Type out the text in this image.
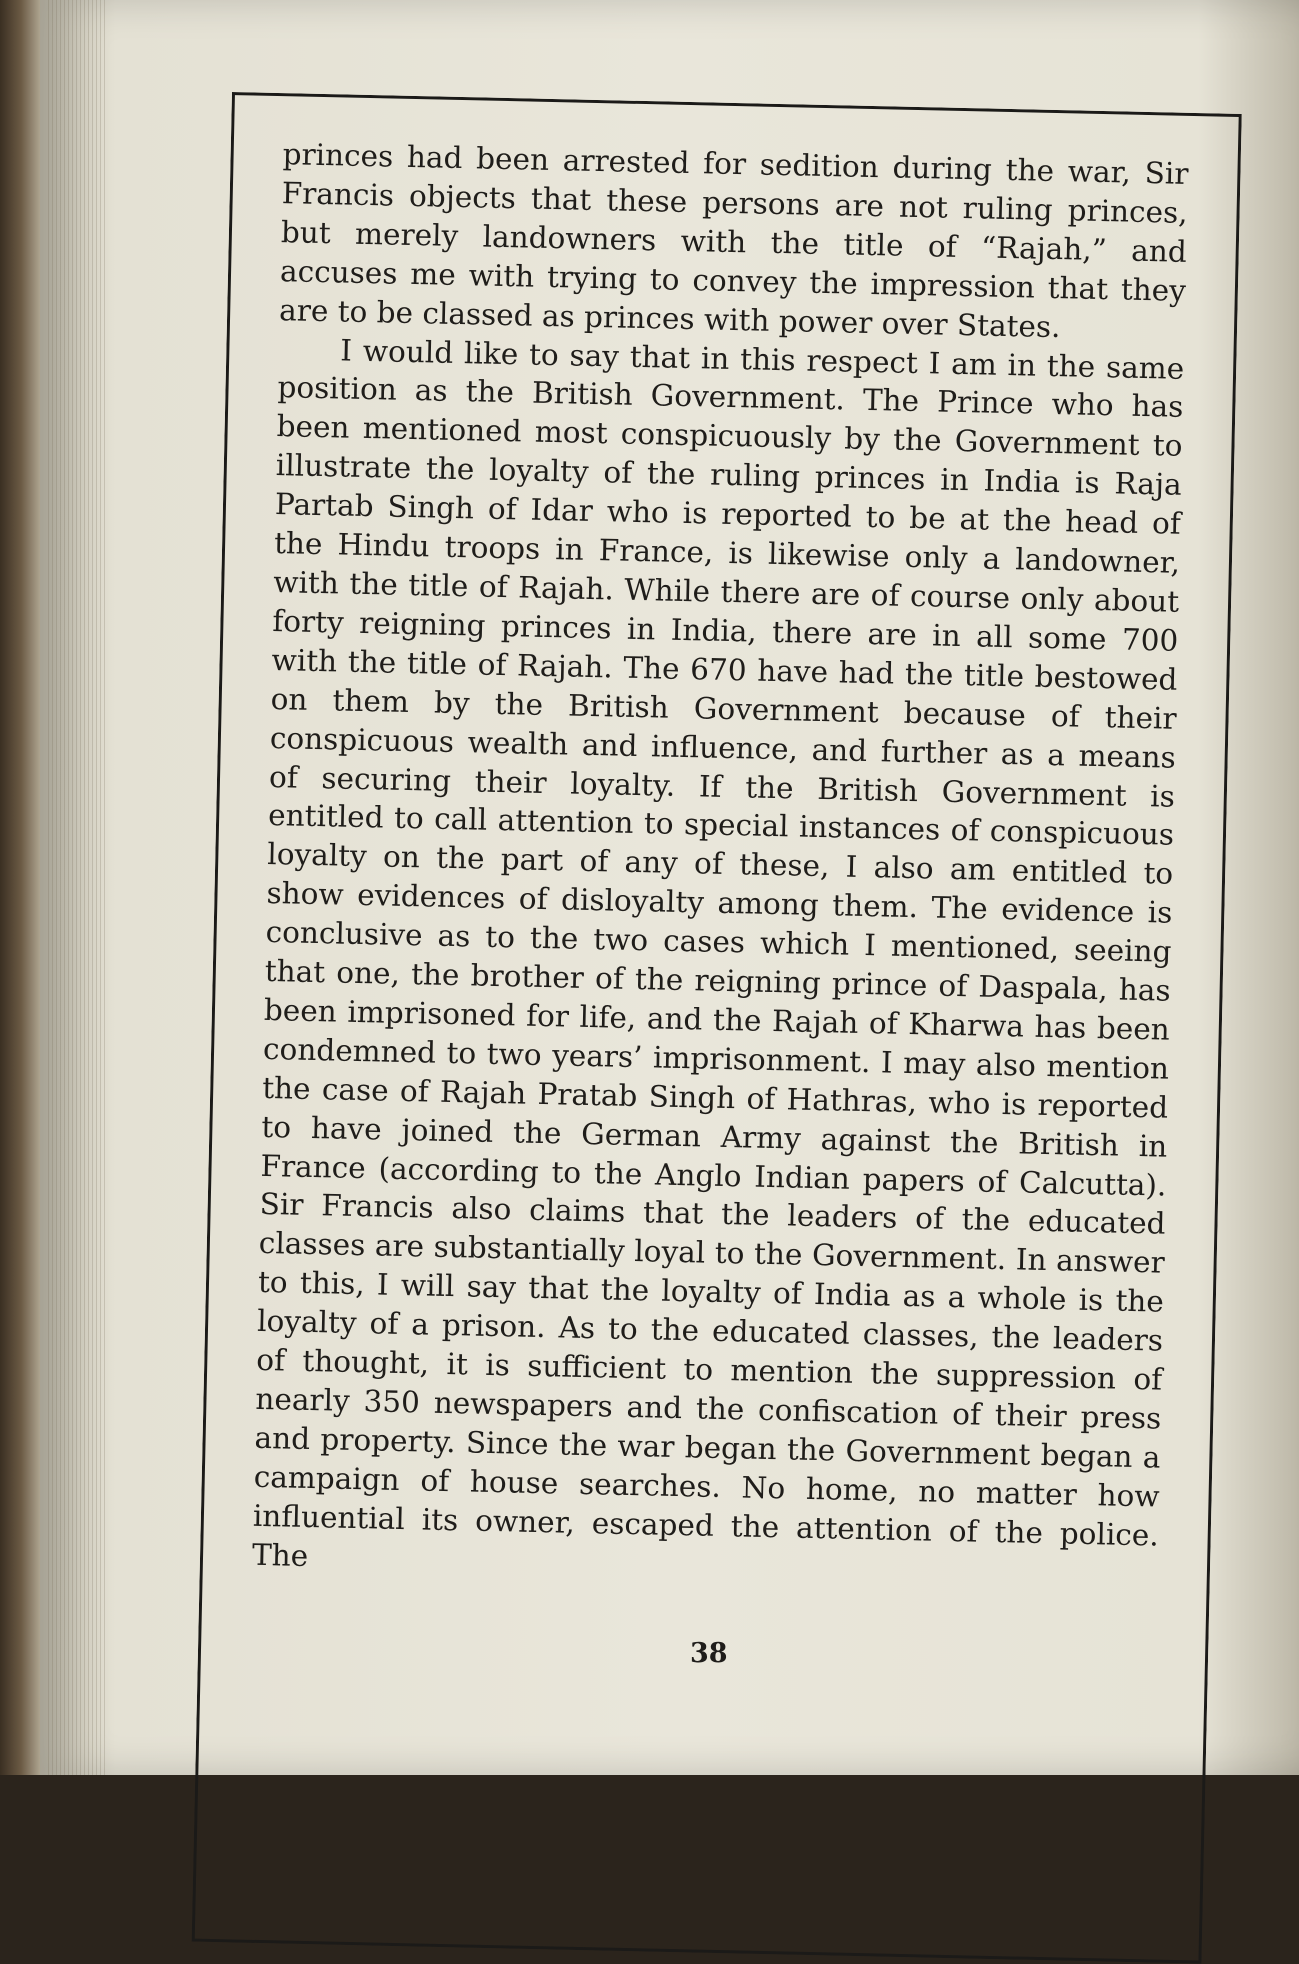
princes had been arrested for sedition during the war, Sir Francis objects that these persons are not ruling princes, but merely landowners with the title of “Rajah,” and accuses me with trying to convey the impression that they are to be classed as princes with power over States.

I would like to say that in this respect I am in the same position as the British Government. The Prince who has been mentioned most conspicuously by the Government to illustrate the loyalty of the ruling princes in India is Raja Partab Singh of Idar who is reported to be at the head of the Hindu troops in France, is likewise only a landowner, with the title of Rajah. While there are of course only about forty reigning princes in India, there are in all some 700 with the title of Rajah. The 670 have had the title bestowed on them by the British Government because of their conspicuous wealth and influence, and further as a means of securing their loyalty. If the British Government is entitled to call attention to special instances of conspicuous loyalty on the part of any of these, I also am entitled to show evidences of disloyalty among them. The evidence is conclusive as to the two cases which I mentioned, seeing that one, the brother of the reigning prince of Daspala, has been imprisoned for life, and the Rajah of Kharwa has been condemned to two years’ imprisonment. I may also mention the case of Rajah Pratab Singh of Hathras, who is reported to have joined the German Army against the British in France (according to the Anglo Indian papers of Calcutta). Sir Francis also claims that the leaders of the educated classes are substantially loyal to the Government. In answer to this, I will say that the loyalty of India as a whole is the loyalty of a prison. As to the educated classes, the leaders of thought, it is sufficient to mention the suppression of nearly 350 newspapers and the confiscation of their press and property. Since the war began the Government began a campaign of house searches. No home, no matter how influential its owner, escaped the attention of the police. The

38
